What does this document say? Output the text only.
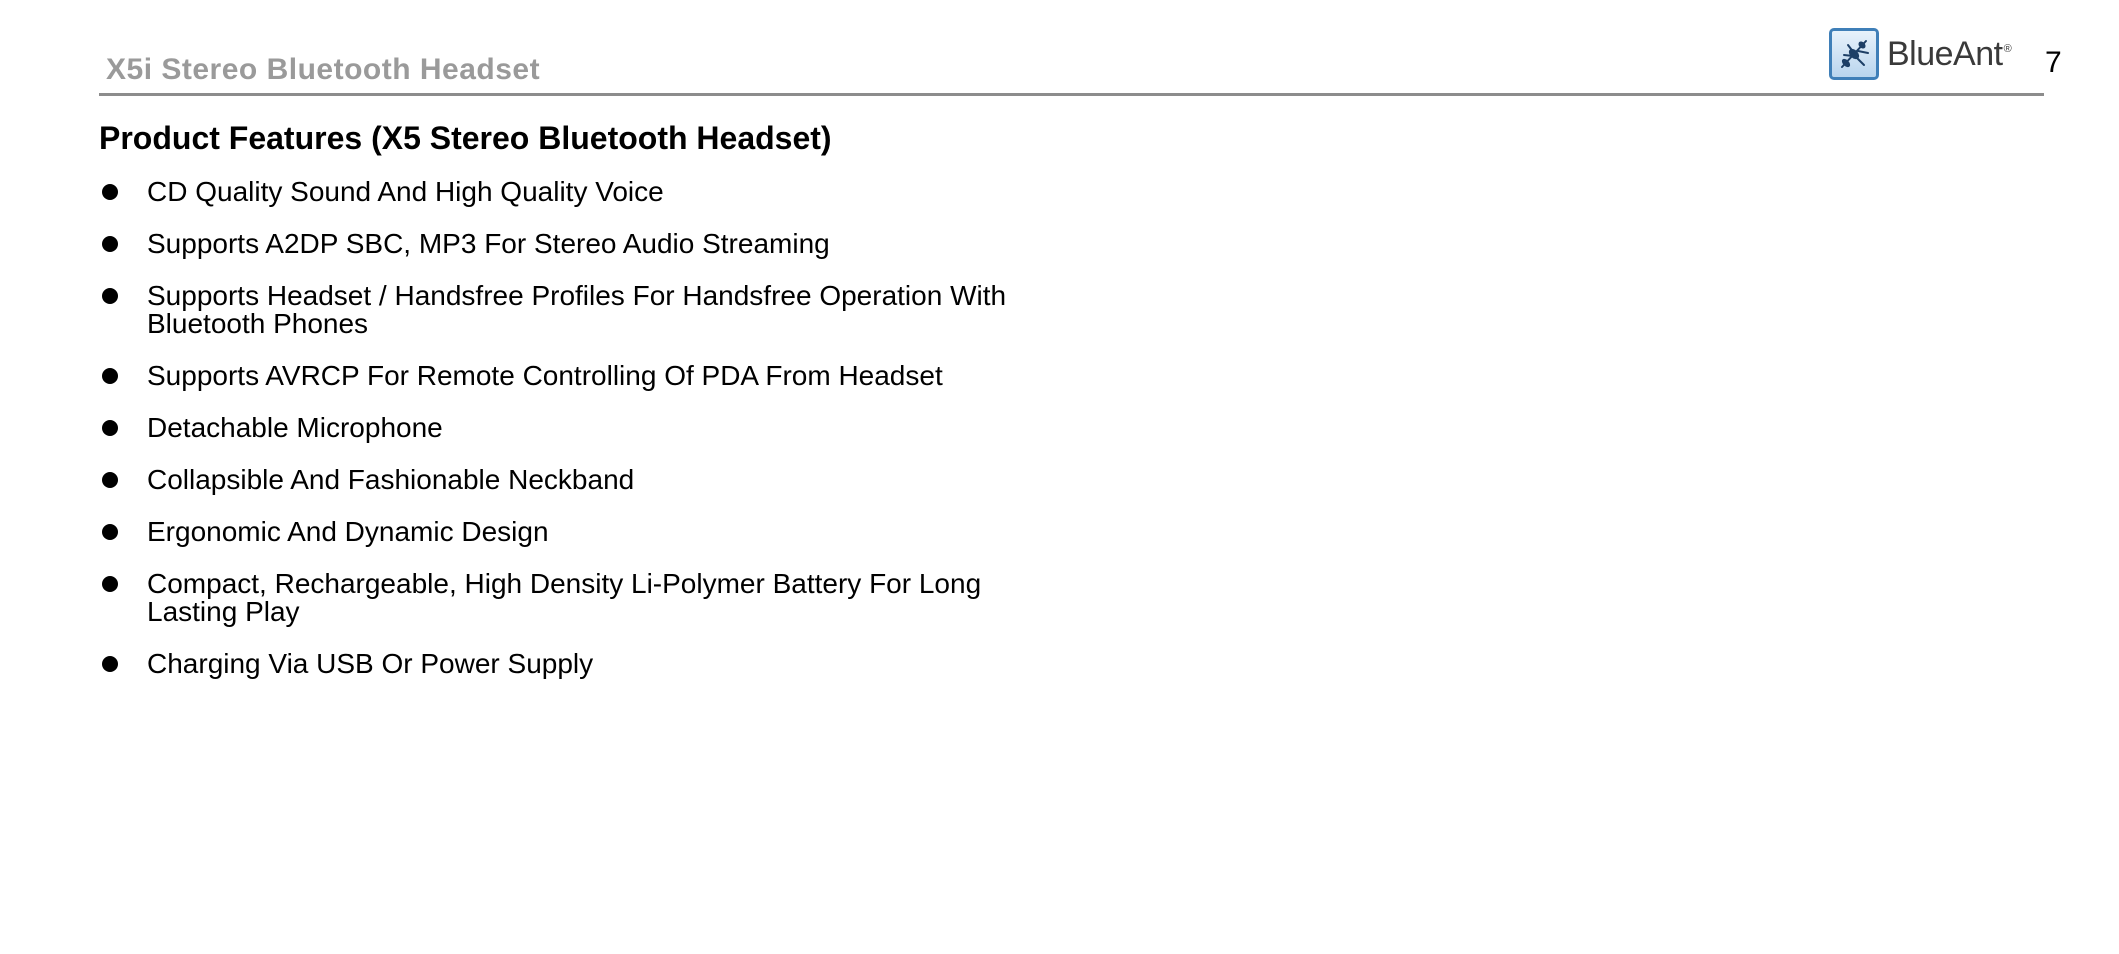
X5i Stereo Bluetooth Headset	BlueAnt® 7
Product Features (X5 Stereo Bluetooth Headset)
CD Quality Sound And High Quality Voice
Supports A2DP SBC, MP3 For Stereo Audio Streaming
Supports Headset / Handsfree Profiles For Handsfree Operation With Bluetooth Phones
Supports AVRCP For Remote Controlling Of PDA From Headset
Detachable Microphone
Collapsible And Fashionable Neckband
Ergonomic And Dynamic Design
Compact, Rechargeable, High Density Li-Polymer Battery For Long Lasting Play
Charging Via USB Or Power Supply
